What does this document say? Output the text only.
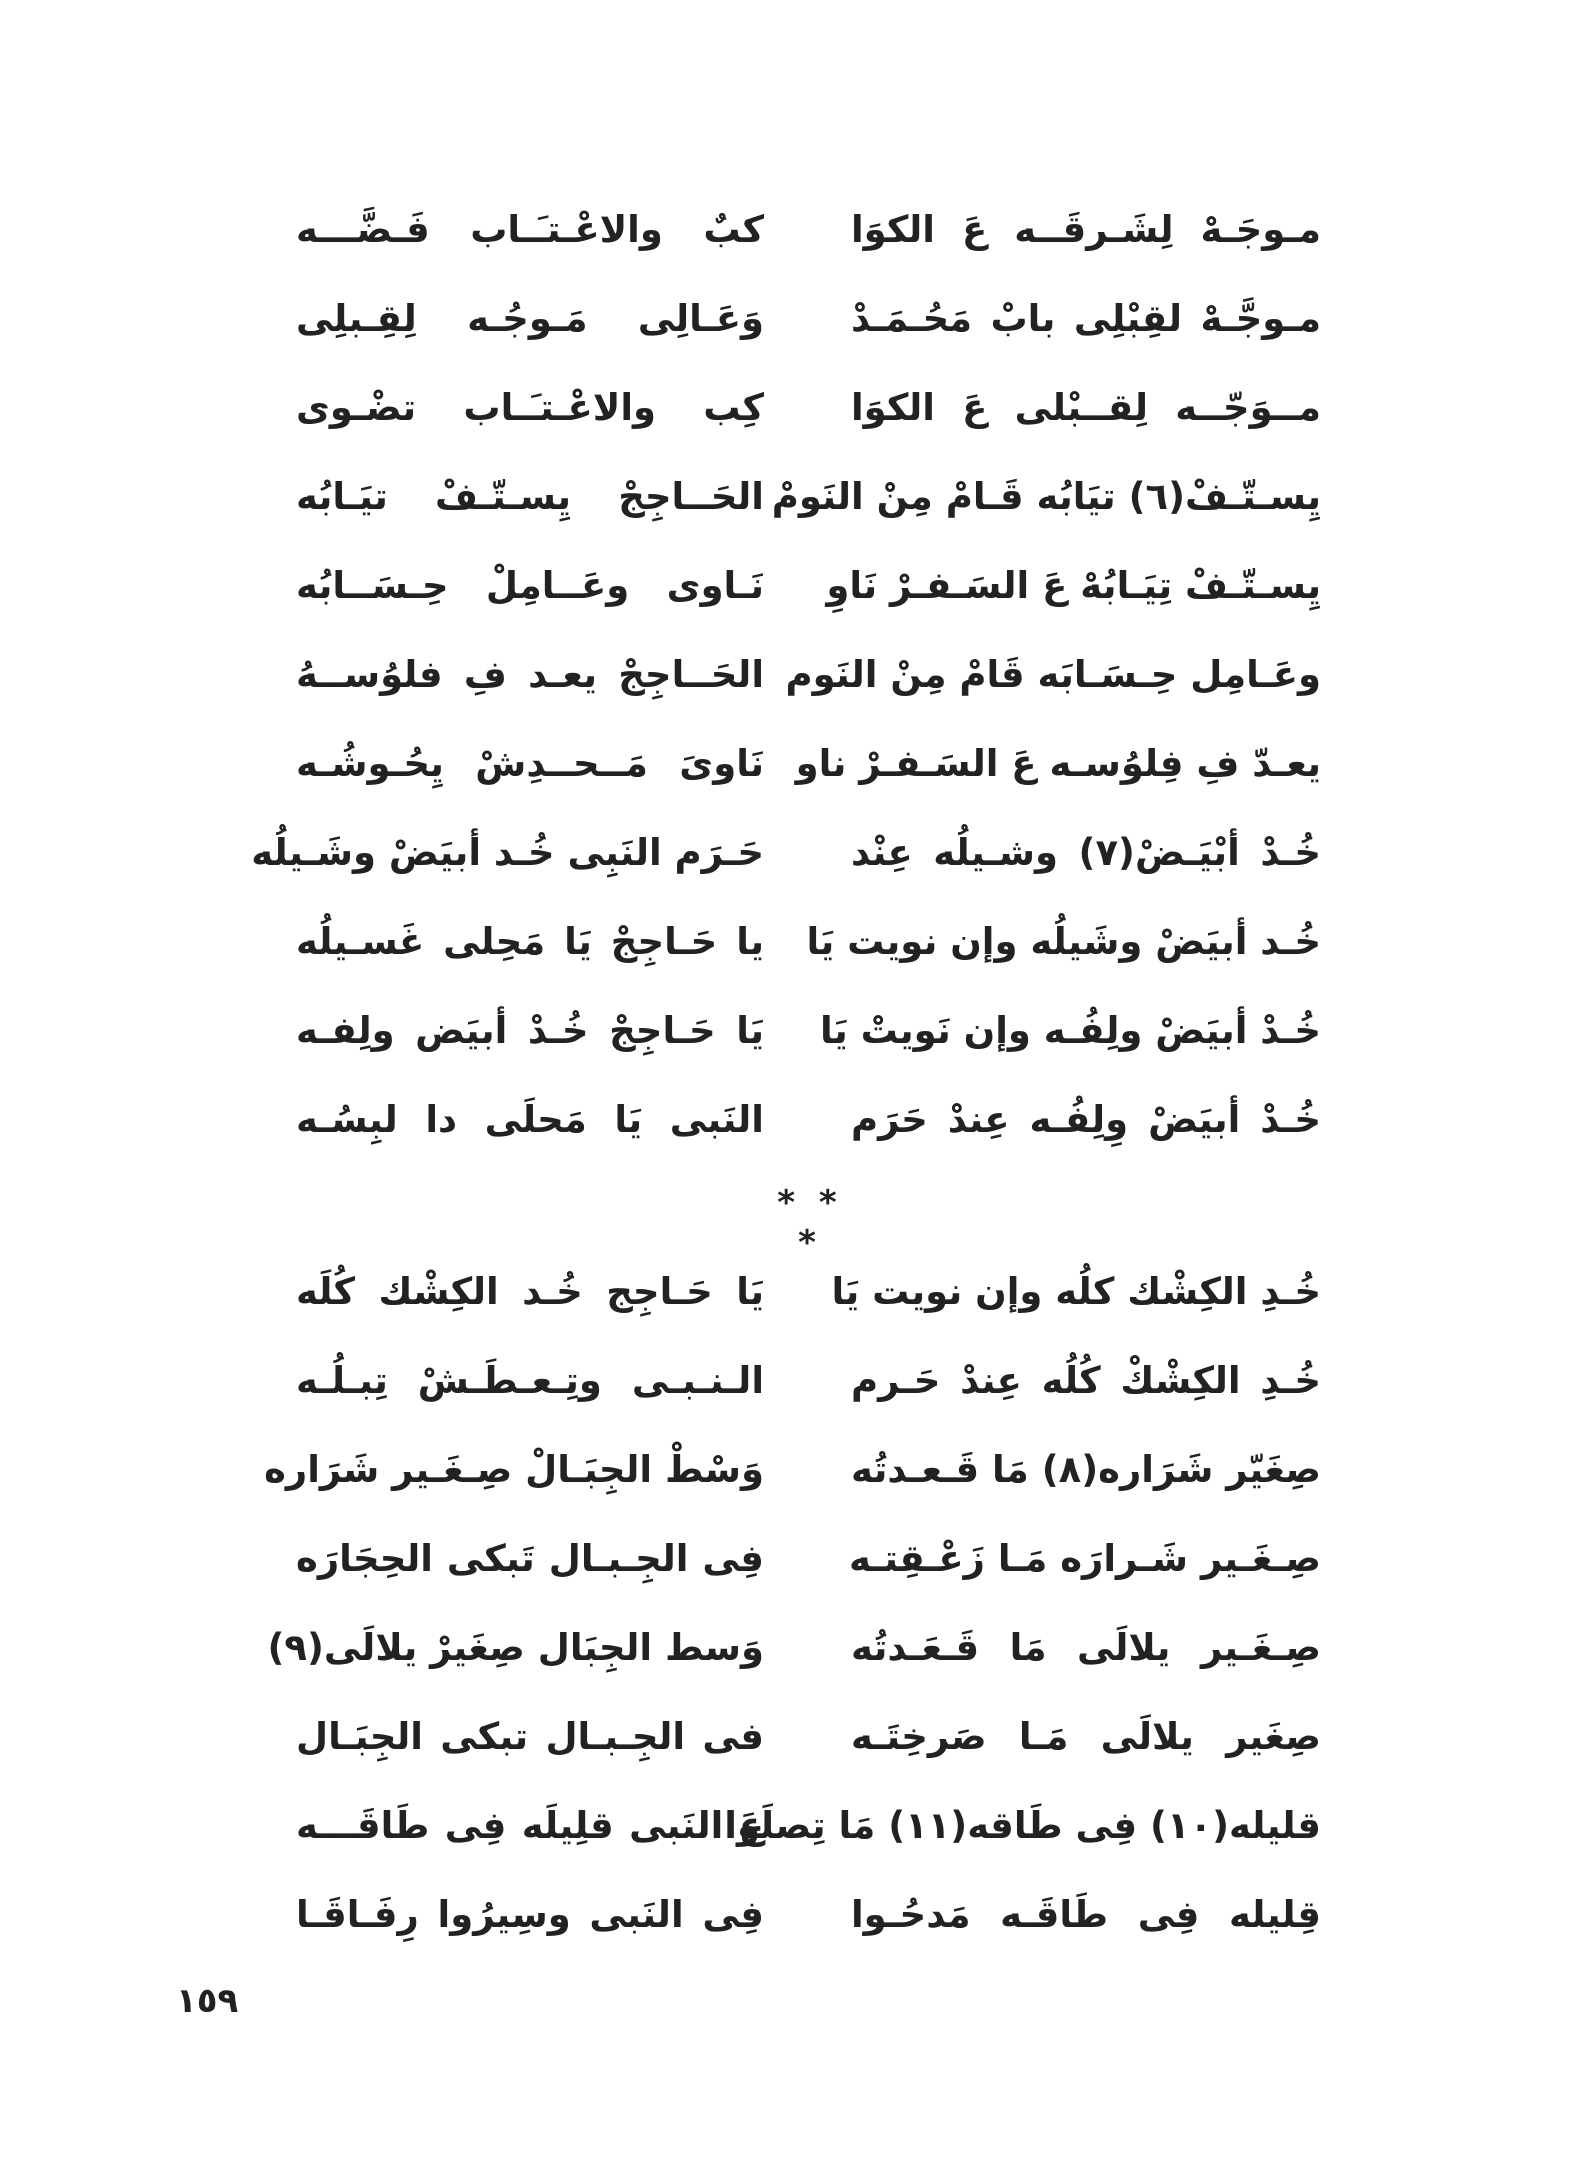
مـوجَـهْ لِشَـرقَــه عَ الكوَا
كبٌ والاعْـتـَـاب فَـضَّـــه
مـوجَّـهْ لقِبْلِى بابْ مَحُـمَـدْ
وَعَـالِى مَـوجُـه لِقِـبلِى
مــوَجّــه لِقــبْلى عَ الكوَا
كِب والاعْـتـَـاب تضْـوى
يِسـتّـفْ(٦) تيَابُه قَـامْ مِنْ النَومْ
الحَــاجِجْ يِسـتّـفْ تيَـابُه
يِسـتّـفْ تِيَـابُهْ عَ السَـفـرْ نَاوِ
نَـاوى وعَــامِلْ حِـسَــابُه
وعَـامِل حِـسَـابَه قَامْ مِنْ النَوم
الحَــاجِجْ يعـد فِ فلوُســهُ
يعـدّ فِ فِلوُسـه عَ السَـفـرْ ناو
نَاوىَ مَــحــدِشْ يِحُـوشُـه
خُـدْ أبْيَـضْ(٧) وشـيلُه عِنْد
حَـرَم النَبِى خُـد أبيَضْ وشَـيلُه
خُـد أبيَضْ وشَيلُه وإن نويت يَا
يا حَـاجِجْ يَا مَحِلى غَسـيلُه
خُـدْ أبيَضْ ولِفُـه وإن نَويتْ يَا
يَا حَـاجِجْ خُـدْ أبيَض ولِفـه
خُـدْ أبيَضْ وِلِفُـه عِندْ حَرَم
النَبى يَا مَحلَى دا لبِسُـه
* * *
خُـدِ الكِشْك كلُه وإن نويت يَا
يَا حَـاجِج خُـد الكِشْك كُلَه
خُـدِ الكِشْكْ كُلُه عِندْ حَـرم
الـنـبـى وتِـعـطَـشْ تِبـلُـه
صِغَيّر شَرَاره(٨) مَا قَـعـدتُه
وَسْطْ الجِبَـالْ صِـغَـير شَرَاره
صِـغَـير شَـرارَه مَـا زَعْـقِتـه
فِى الجِـبـال تَبكى الحِجَارَه
صِـغَـير يلالَى مَا قَـعَـدتُه
وَسط الجِبَال صِغَيرْ يلالَى(٩)
صِغَير يلالَى مَـا صَرخِتَـه
فى الجِـبـال تبكى الجِبَـال
قليله(١٠) فِى طَاقه(١١) مَا تِصلَوا
عَ النَبى قلِيلَه فِى طَاقَـــه
قِليله فِى طَاقَـه مَدحُـوا
فِى النَبى وسِيرُوا رِفَـاقَـا
١٥٩
